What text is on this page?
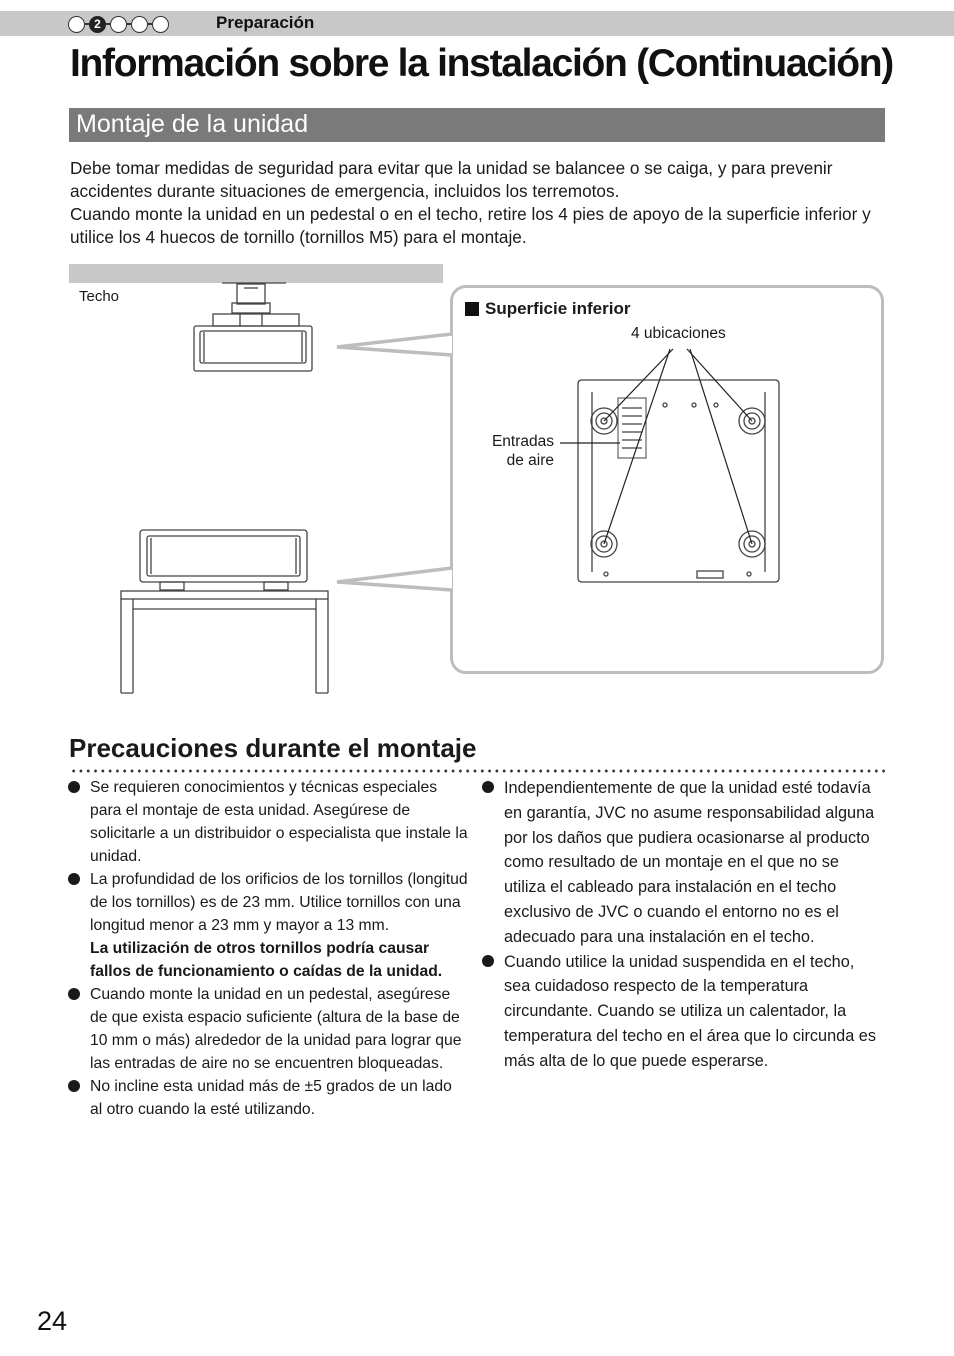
2	Preparación
Información sobre la instalación (Continuación)
Montaje de la unidad

Debe tomar medidas de seguridad para evitar que la unidad se balancee o se caiga, y para prevenir accidentes durante situaciones de emergencia, incluidos los terremotos.

Cuando monte la unidad en un pedestal o en el techo, retire los 4 pies de apoyo de la superficie inferior y utilice los 4 huecos de tornillo (tornillos M5) para el montaje.

Techo
Superficie inferior
4 ubicaciones
Entradas
de aire
Precauciones durante el montaje
Se requieren conocimientos y técnicas especiales para el montaje de esta unidad. Asegúrese de solicitarle a un distribuidor o especialista que instale la unidad.
La profundidad de los orificios de los tornillos (longitud de los tornillos) es de 23 mm. Utilice tornillos con una longitud menor a 23 mm y mayor a 13 mm.
La utilización de otros tornillos podría causar fallos de funcionamiento o caídas de la unidad.
Cuando monte la unidad en un pedestal, asegúrese de que exista espacio suficiente (altura de la base de 10 mm o más) alrededor de la unidad para lograr que las entradas de aire no se encuentren bloqueadas.
No incline esta unidad más de ±5 grados de un lado al otro cuando la esté utilizando.
Independientemente de que la unidad esté todavía en garantía, JVC no asume responsabilidad alguna por los daños que pudiera ocasionarse al producto como resultado de un montaje en el que no se utiliza el cableado para instalación en el techo exclusivo de JVC o cuando el entorno no es el adecuado para una instalación en el techo.
Cuando utilice la unidad suspendida en el techo, sea cuidadoso respecto de la temperatura circundante. Cuando se utiliza un calentador, la temperatura del techo en el área que lo circunda es más alta de lo que puede esperarse.
24
